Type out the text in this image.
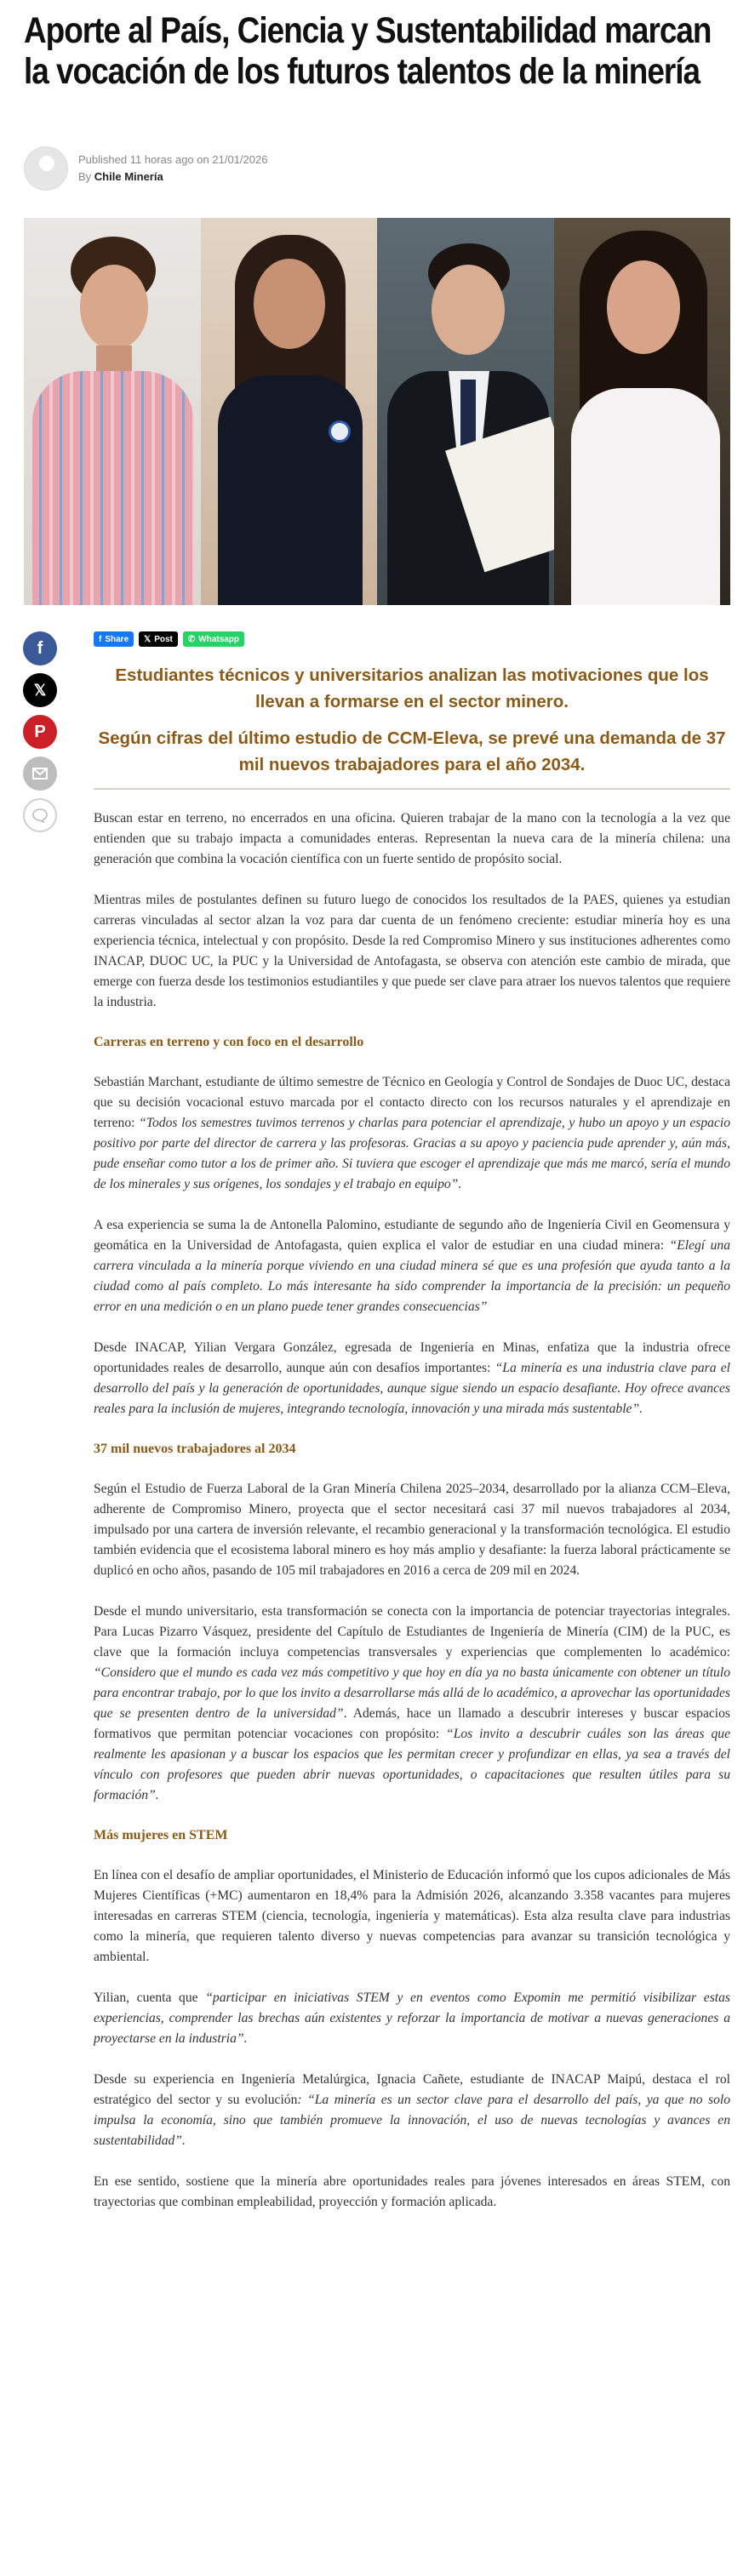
Aporte al País, Ciencia y Sustentabilidad marcan la vocación de los futuros talentos de la minería
Published 11 horas ago on 21/01/2026
By Chile Minería
f
𝕏
P
f Share 𝕏 Post ✆ Whatsapp

Estudiantes técnicos y universitarios analizan las motivaciones que los llevan a formarse en el sector minero.

Según cifras del último estudio de CCM-Eleva, se prevé una demanda de 37 mil nuevos trabajadores para el año 2034.

Buscan estar en terreno, no encerrados en una oficina. Quieren trabajar de la mano con la tecnología a la vez que entienden que su trabajo impacta a comunidades enteras. Representan la nueva cara de la minería chilena: una generación que combina la vocación científica con un fuerte sentido de propósito social.

Mientras miles de postulantes definen su futuro luego de conocidos los resultados de la PAES, quienes ya estudian carreras vinculadas al sector alzan la voz para dar cuenta de un fenómeno creciente: estudiar minería hoy es una experiencia técnica, intelectual y con propósito. Desde la red Compromiso Minero y sus instituciones adherentes como INACAP, DUOC UC, la PUC y la Universidad de Antofagasta, se observa con atención este cambio de mirada, que emerge con fuerza desde los testimonios estudiantiles y que puede ser clave para atraer los nuevos talentos que requiere la industria.

Carreras en terreno y con foco en el desarrollo

Sebastián Marchant, estudiante de último semestre de Técnico en Geología y Control de Sondajes de Duoc UC, destaca que su decisión vocacional estuvo marcada por el contacto directo con los recursos naturales y el aprendizaje en terreno: “Todos los semestres tuvimos terrenos y charlas para potenciar el aprendizaje, y hubo un apoyo y un espacio positivo por parte del director de carrera y las profesoras. Gracias a su apoyo y paciencia pude aprender y, aún más, pude enseñar como tutor a los de primer año. Si tuviera que escoger el aprendizaje que más me marcó, sería el mundo de los minerales y sus orígenes, los sondajes y el trabajo en equipo”.

A esa experiencia se suma la de Antonella Palomino, estudiante de segundo año de Ingeniería Civil en Geomensura y geomática en la Universidad de Antofagasta, quien explica el valor de estudiar en una ciudad minera: “Elegí una carrera vinculada a la minería porque viviendo en una ciudad minera sé que es una profesión que ayuda tanto a la ciudad como al país completo. Lo más interesante ha sido comprender la importancia de la precisión: un pequeño error en una medición o en un plano puede tener grandes consecuencias”

Desde INACAP, Yilian Vergara González, egresada de Ingeniería en Minas, enfatiza que la industria ofrece oportunidades reales de desarrollo, aunque aún con desafíos importantes: “La minería es una industria clave para el desarrollo del país y la generación de oportunidades, aunque sigue siendo un espacio desafiante. Hoy ofrece avances reales para la inclusión de mujeres, integrando tecnología, innovación y una mirada más sustentable”.

37 mil nuevos trabajadores al 2034

Según el Estudio de Fuerza Laboral de la Gran Minería Chilena 2025–2034, desarrollado por la alianza CCM–Eleva, adherente de Compromiso Minero, proyecta que el sector necesitará casi 37 mil nuevos trabajadores al 2034, impulsado por una cartera de inversión relevante, el recambio generacional y la transformación tecnológica. El estudio también evidencia que el ecosistema laboral minero es hoy más amplio y desafiante: la fuerza laboral prácticamente se duplicó en ocho años, pasando de 105 mil trabajadores en 2016 a cerca de 209 mil en 2024.

Desde el mundo universitario, esta transformación se conecta con la importancia de potenciar trayectorias integrales. Para Lucas Pizarro Vásquez, presidente del Capítulo de Estudiantes de Ingeniería de Minería (CIM) de la PUC, es clave que la formación incluya competencias transversales y experiencias que complementen lo académico: “Considero que el mundo es cada vez más competitivo y que hoy en día ya no basta únicamente con obtener un título para encontrar trabajo, por lo que los invito a desarrollarse más allá de lo académico, a aprovechar las oportunidades que se presenten dentro de la universidad”. Además, hace un llamado a descubrir intereses y buscar espacios formativos que permitan potenciar vocaciones con propósito: “Los invito a descubrir cuáles son las áreas que realmente les apasionan y a buscar los espacios que les permitan crecer y profundizar en ellas, ya sea a través del vínculo con profesores que pueden abrir nuevas oportunidades, o capacitaciones que resulten útiles para su formación”.

Más mujeres en STEM

En línea con el desafío de ampliar oportunidades, el Ministerio de Educación informó que los cupos adicionales de Más Mujeres Científicas (+MC) aumentaron en 18,4% para la Admisión 2026, alcanzando 3.358 vacantes para mujeres interesadas en carreras STEM (ciencia, tecnología, ingeniería y matemáticas). Esta alza resulta clave para industrias como la minería, que requieren talento diverso y nuevas competencias para avanzar su transición tecnológica y ambiental.

Yilian, cuenta que “participar en iniciativas STEM y en eventos como Expomin me permitió visibilizar estas experiencias, comprender las brechas aún existentes y reforzar la importancia de motivar a nuevas generaciones a proyectarse en la industria”.

Desde su experiencia en Ingeniería Metalúrgica, Ignacia Cañete, estudiante de INACAP Maipú, destaca el rol estratégico del sector y su evolución: “La minería es un sector clave para el desarrollo del país, ya que no solo impulsa la economía, sino que también promueve la innovación, el uso de nuevas tecnologías y avances en sustentabilidad”.

En ese sentido, sostiene que la minería abre oportunidades reales para jóvenes interesados en áreas STEM, con trayectorias que combinan empleabilidad, proyección y formación aplicada.
